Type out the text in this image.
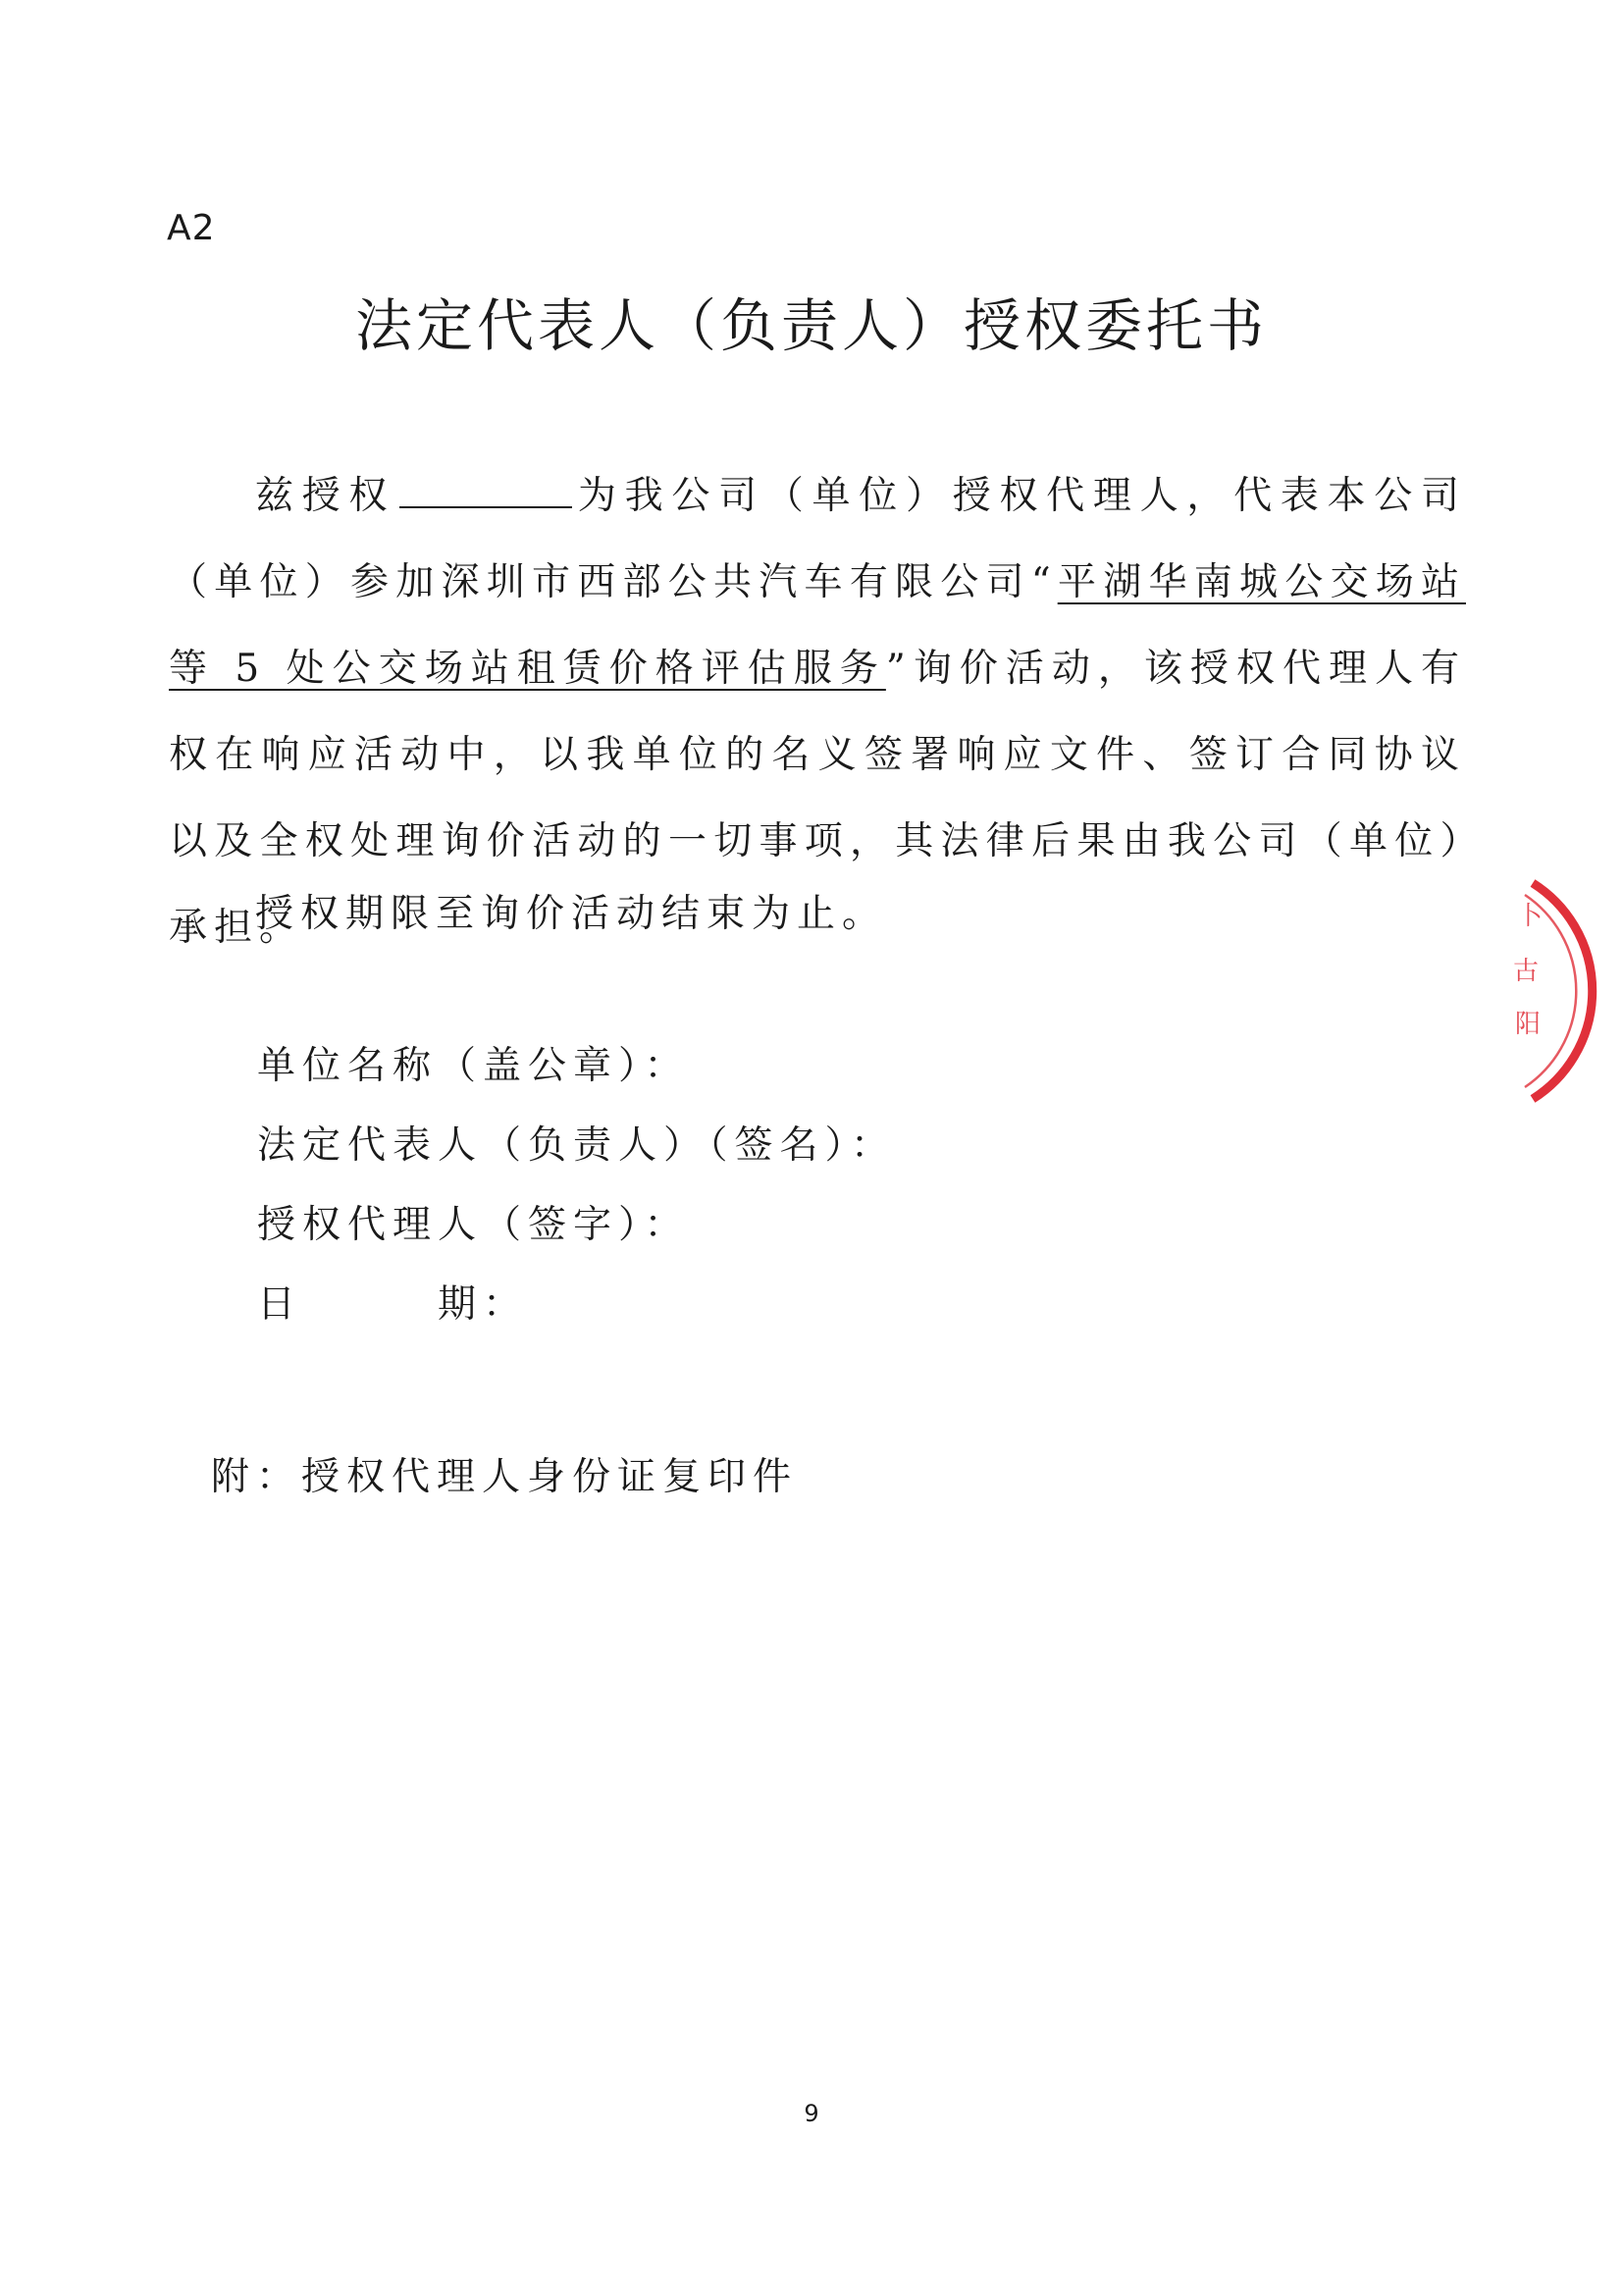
A2
法定代表人（负责人）授权委托书

兹授权	为我公司（单位）授权代理人，代表本公司（单位）参加深圳市西部公共汽车有限公司“平湖华南城公交场站等 5 处公交场站租赁价格评估服务”询价活动，该授权代理人有权在响应活动中，以我单位的名义签署响应文件、签订合同协议以及全权处理询价活动的一切事项，其法律后果由我公司（单位）承担。

授权期限至询价活动结束为止。

单位名称（盖公章）：
法定代表人（负责人）（签名）：
授权代理人（签字）：
日　　　期：
附：授权代理人身份证复印件
卜
古
阳
9
